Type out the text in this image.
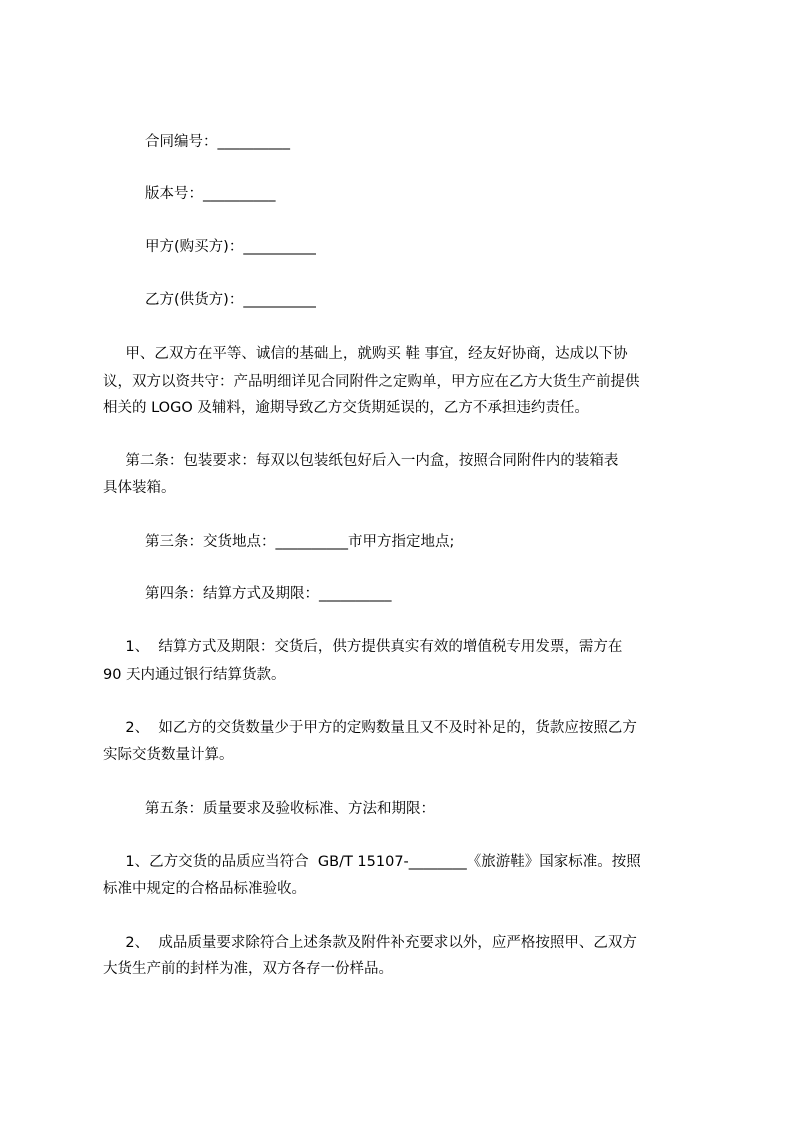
合同编号：__________
版本号：__________
甲方(购买方)：__________
乙方(供货方)：__________
甲、乙双方在平等、诚信的基础上，就购买 鞋 事宜，经友好协商，达成以下协
议，双方以资共守：产品明细详见合同附件之定购单，甲方应在乙方大货生产前提供
相关的 LOGO 及辅料，逾期导致乙方交货期延误的，乙方不承担违约责任。
第二条：包装要求：每双以包装纸包好后入一内盒，按照合同附件内的装箱表
具体装箱。
第三条：交货地点：__________市甲方指定地点;
第四条：结算方式及期限：__________
1、  结算方式及期限：交货后，供方提供真实有效的增值税专用发票，需方在
90 天内通过银行结算货款。
2、  如乙方的交货数量少于甲方的定购数量且又不及时补足的，货款应按照乙方
实际交货数量计算。
第五条：质量要求及验收标准、方法和期限：
1、乙方交货的品质应当符合  GB/T 15107-________《旅游鞋》国家标准。按照
标准中规定的合格品标准验收。
2、  成品质量要求除符合上述条款及附件补充要求以外，应严格按照甲、乙双方
大货生产前的封样为准，双方各存一份样品。
